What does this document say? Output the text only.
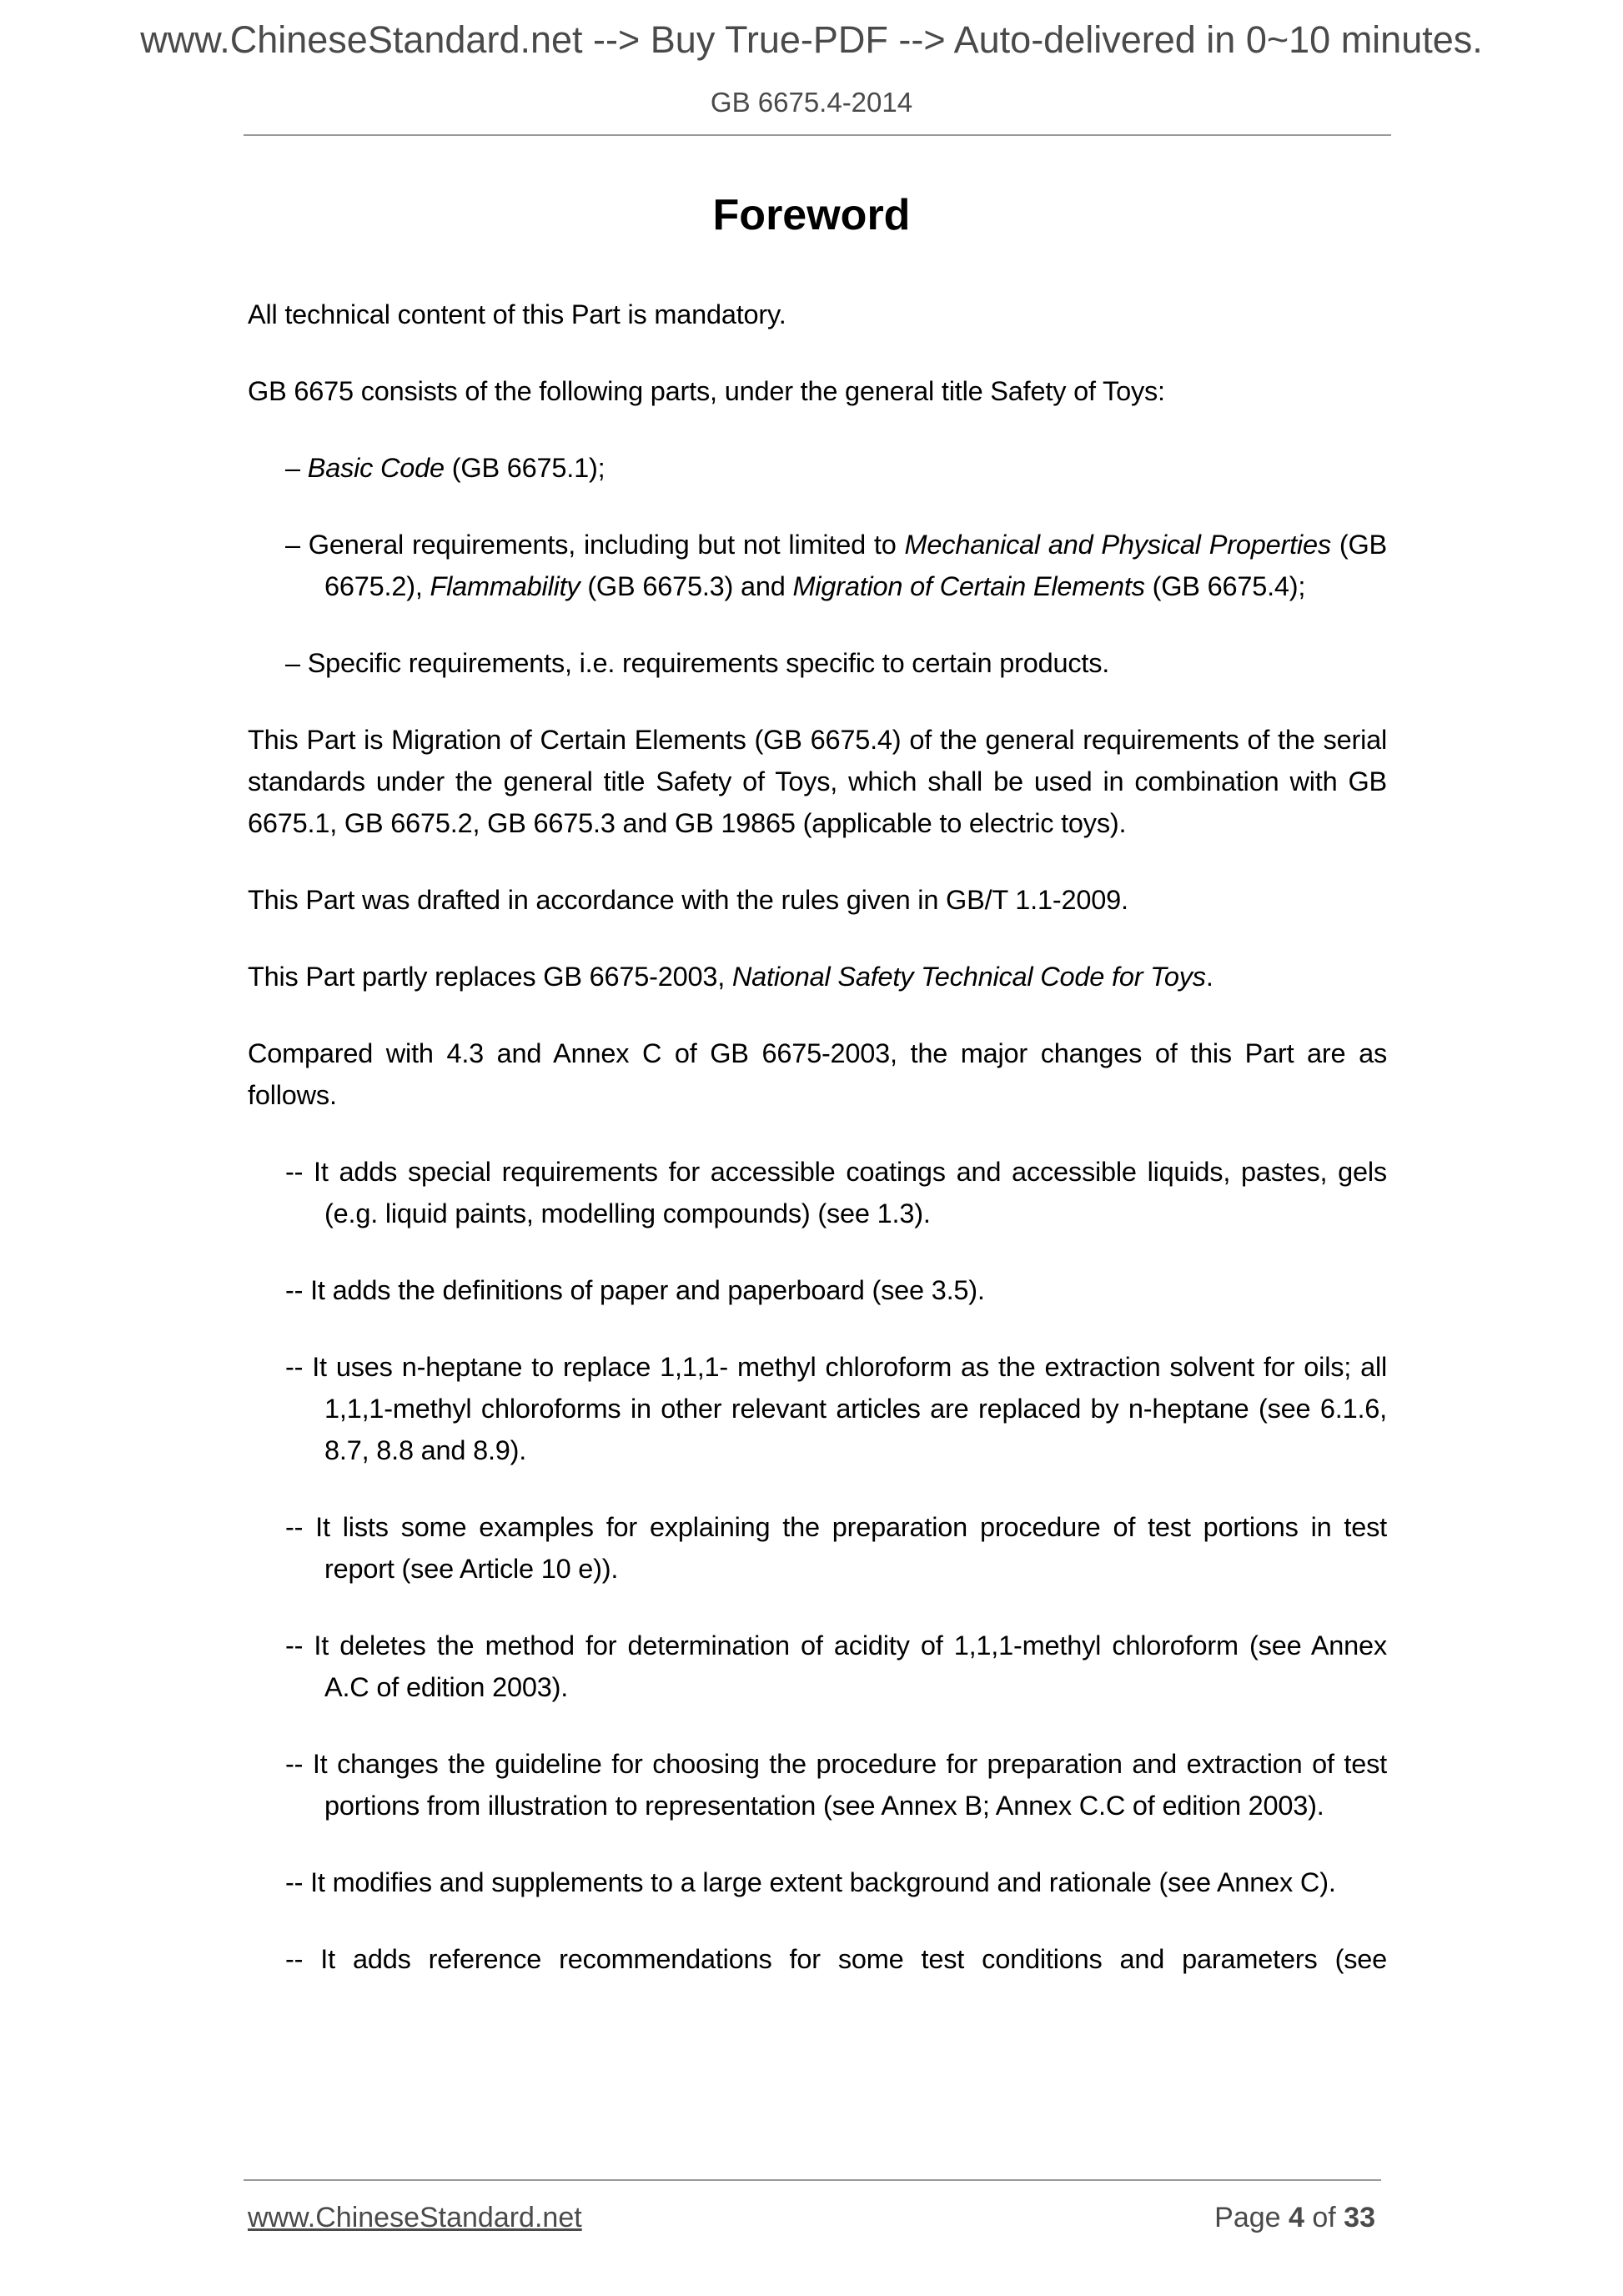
www.ChineseStandard.net --> Buy True-PDF --> Auto-delivered in 0~10 minutes.
GB 6675.4-2014
Foreword
All technical content of this Part is mandatory.
GB 6675 consists of the following parts, under the general title Safety of Toys:
– Basic Code (GB 6675.1);
– General requirements, including but not limited to Mechanical and Physical Properties (GB 6675.2), Flammability (GB 6675.3) and Migration of Certain Elements (GB 6675.4);
– Specific requirements, i.e. requirements specific to certain products.
This Part is Migration of Certain Elements (GB 6675.4) of the general requirements of the serial standards under the general title Safety of Toys, which shall be used in combination with GB 6675.1, GB 6675.2, GB 6675.3 and GB 19865 (applicable to electric toys).
This Part was drafted in accordance with the rules given in GB/T 1.1-2009.
This Part partly replaces GB 6675-2003, National Safety Technical Code for Toys.
Compared with 4.3 and Annex C of GB 6675-2003, the major changes of this Part are as follows.
-- It adds special requirements for accessible coatings and accessible liquids, pastes, gels (e.g. liquid paints, modelling compounds) (see 1.3).
-- It adds the definitions of paper and paperboard (see 3.5).
-- It uses n-heptane to replace 1,1,1- methyl chloroform as the extraction solvent for oils; all 1,1,1-methyl chloroforms in other relevant articles are replaced by n-heptane (see 6.1.6, 8.7, 8.8 and 8.9).
-- It lists some examples for explaining the preparation procedure of test portions in test report (see Article 10 e)).
-- It deletes the method for determination of acidity of 1,1,1-methyl chloroform (see Annex A.C of edition 2003).
-- It changes the guideline for choosing the procedure for preparation and extraction of test portions from illustration to representation (see Annex B; Annex C.C of edition 2003).
-- It modifies and supplements to a large extent background and rationale (see Annex C).
-- It adds reference recommendations for some test conditions and parameters (see
www.ChineseStandard.net	Page 4 of 33
